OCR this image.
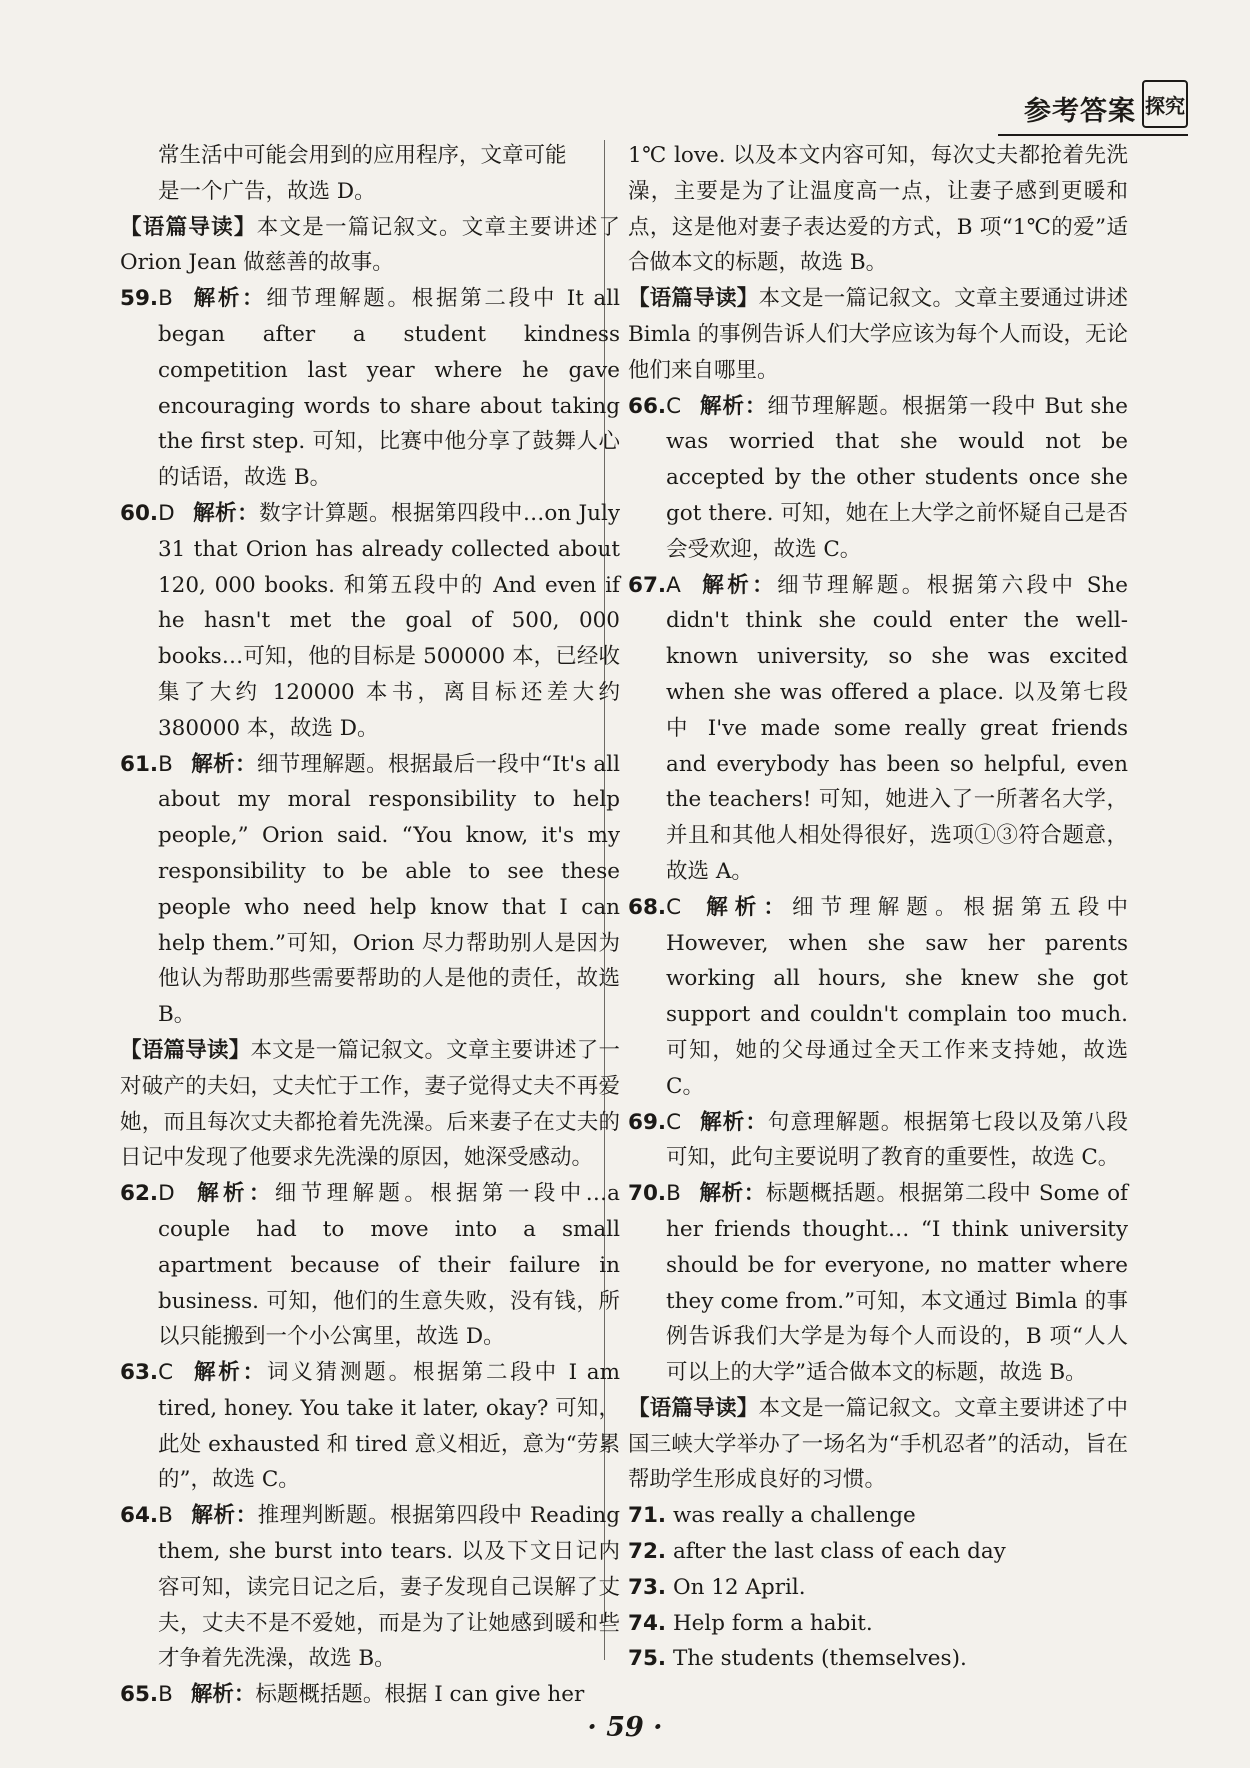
参考答案 探究

常生活中可能会用到的应用程序，文章可能
是一个广告，故选 D。

【语篇导读】本文是一篇记叙文。文章主要讲述了 Orion Jean 做慈善的故事。

59.B 解析：细节理解题。根据第二段中 It all began after a student kindness competition last year where he gave encouraging words to share about taking the first step. 可知，比赛中他分享了鼓舞人心的话语，故选 B。

60.D 解析：数字计算题。根据第四段中…on July 31 that Orion has already collected about 120, 000 books. 和第五段中的 And even if he hasn't met the goal of 500, 000 books…可知，他的目标是 500000 本，已经收集了大约 120000 本书，离目标还差大约 380000 本，故选 D。

61.B 解析：细节理解题。根据最后一段中“It's all about my moral responsibility to help people,” Orion said. “You know, it's my responsibility to be able to see these people who need help know that I can help them.”可知，Orion 尽力帮助别人是因为他认为帮助那些需要帮助的人是他的责任，故选 B。

【语篇导读】本文是一篇记叙文。文章主要讲述了一对破产的夫妇，丈夫忙于工作，妻子觉得丈夫不再爱她，而且每次丈夫都抢着先洗澡。后来妻子在丈夫的日记中发现了他要求先洗澡的原因，她深受感动。

62.D 解析：细节理解题。根据第一段中…a couple had to move into a small apartment because of their failure in business. 可知，他们的生意失败，没有钱，所以只能搬到一个小公寓里，故选 D。

63.C 解析：词义猜测题。根据第二段中 I am tired, honey. You take it later, okay? 可知，此处 exhausted 和 tired 意义相近，意为“劳累的”，故选 C。

64.B 解析：推理判断题。根据第四段中 Reading them, she burst into tears. 以及下文日记内容可知，读完日记之后，妻子发现自己误解了丈夫，丈夫不是不爱她，而是为了让她感到暖和些才争着先洗澡，故选 B。

65.B 解析：标题概括题。根据 I can give her

1℃ love. 以及本文内容可知，每次丈夫都抢着先洗澡，主要是为了让温度高一点，让妻子感到更暖和点，这是他对妻子表达爱的方式，B 项“1℃的爱”适合做本文的标题，故选 B。

【语篇导读】本文是一篇记叙文。文章主要通过讲述 Bimla 的事例告诉人们大学应该为每个人而设，无论他们来自哪里。

66.C 解析：细节理解题。根据第一段中 But she was worried that she would not be accepted by the other students once she got there. 可知，她在上大学之前怀疑自己是否会受欢迎，故选 C。

67.A 解析：细节理解题。根据第六段中 She didn't think she could enter the well-known university, so she was excited when she was offered a place. 以及第七段中 I've made some really great friends and everybody has been so helpful, even the teachers! 可知，她进入了一所著名大学，并且和其他人相处得很好，选项①③符合题意，故选 A。

68.C 解析：细节理解题。根据第五段中 However, when she saw her parents working all hours, she knew she got support and couldn't complain too much. 可知，她的父母通过全天工作来支持她，故选 C。

69.C 解析：句意理解题。根据第七段以及第八段可知，此句主要说明了教育的重要性，故选 C。

70.B 解析：标题概括题。根据第二段中 Some of her friends thought… “I think university should be for everyone, no matter where they come from.”可知，本文通过 Bimla 的事例告诉我们大学是为每个人而设的，B 项“人人可以上的大学”适合做本文的标题，故选 B。

【语篇导读】本文是一篇记叙文。文章主要讲述了中国三峡大学举办了一场名为“手机忍者”的活动，旨在帮助学生形成良好的习惯。

71. was really a challenge

72. after the last class of each day

73. On 12 April.

74. Help form a habit.

75. The students (themselves).

· 59 ·
